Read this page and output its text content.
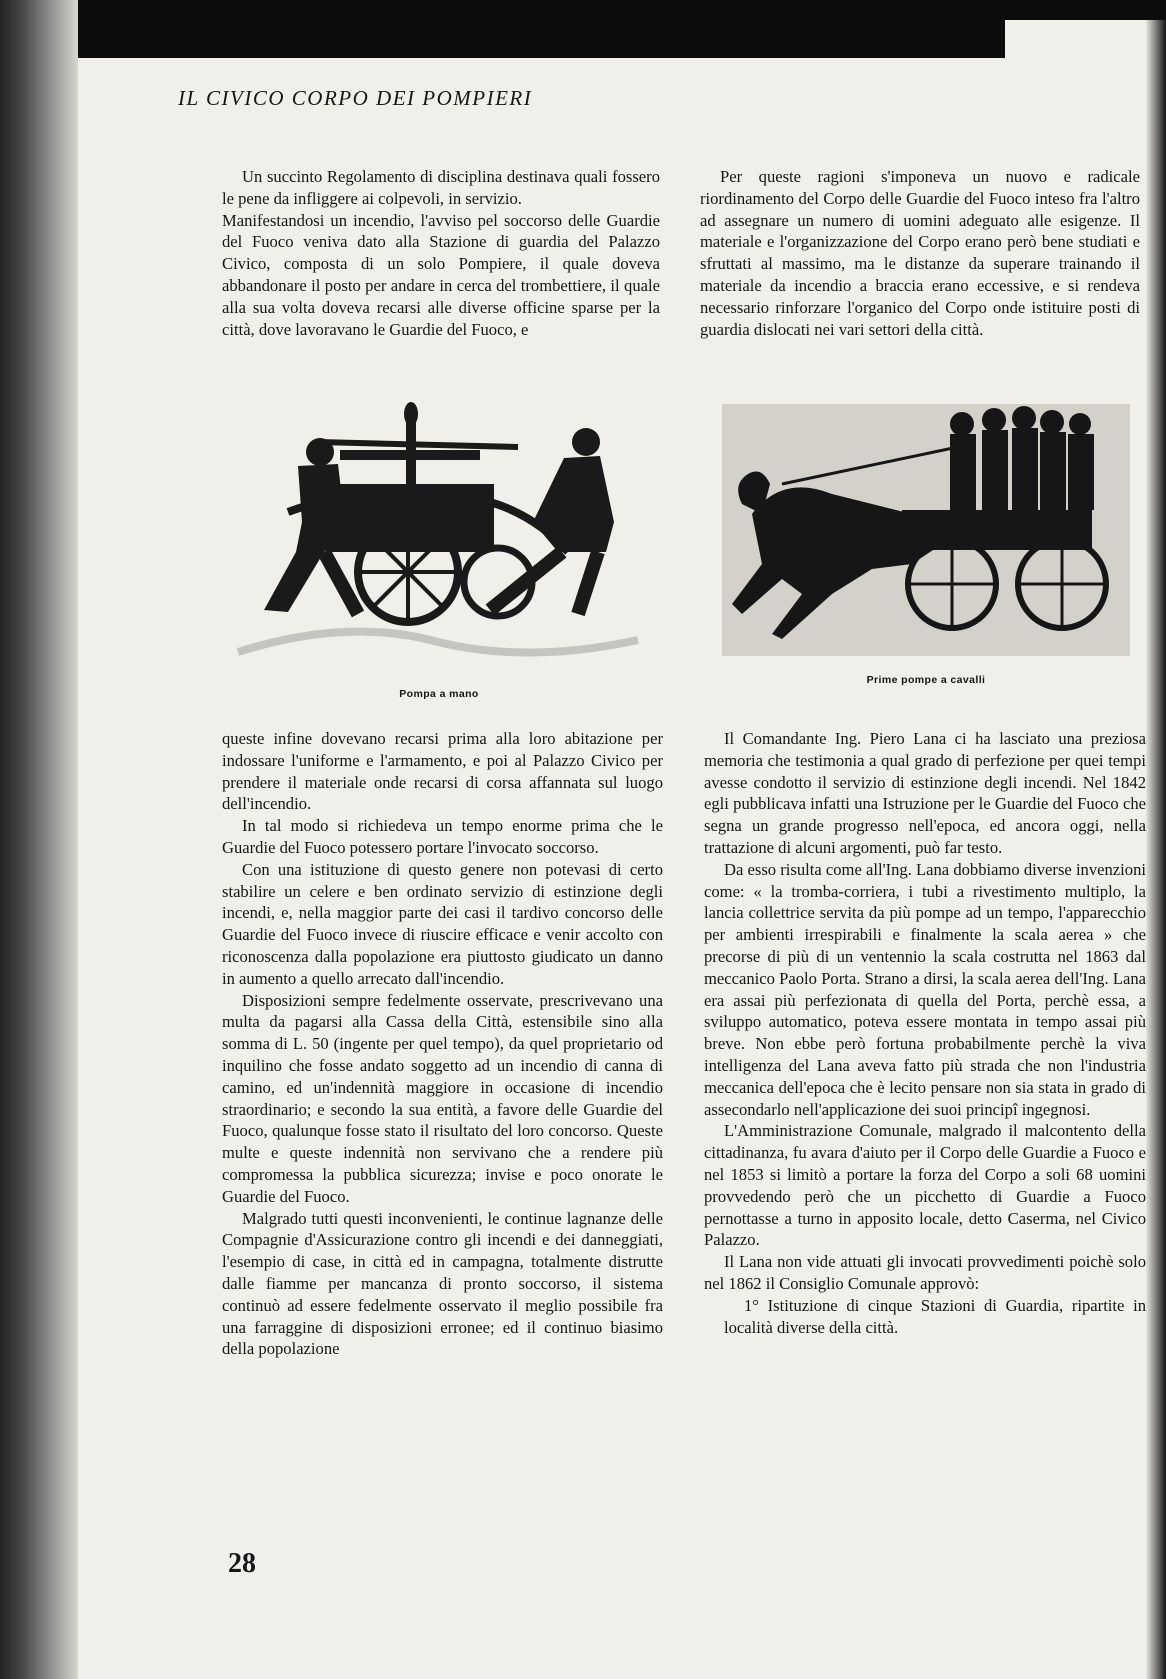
IL CIVICO CORPO DEI POMPIERI

Un succinto Regolamento di disciplina destinava quali fossero le pene da infliggere ai colpevoli, in servizio.

Manifestandosi un incendio, l'avviso pel soccorso delle Guardie del Fuoco veniva dato alla Stazione di guardia del Palazzo Civico, composta di un solo Pompiere, il quale doveva abbandonare il posto per andare in cerca del trombettiere, il quale alla sua volta doveva recarsi alle diverse officine sparse per la città, dove lavoravano le Guardie del Fuoco, e

Per queste ragioni s'imponeva un nuovo e radicale riordinamento del Corpo delle Guardie del Fuoco inteso fra l'altro ad assegnare un numero di uomini adeguato alle esigenze. Il materiale e l'organizzazione del Corpo erano però bene studiati e sfruttati al massimo, ma le distanze da superare trainando il materiale da incendio a braccia erano eccessive, e si rendeva necessario rinforzare l'organico del Corpo onde istituire posti di guardia dislocati nei vari settori della città.

Pompa a mano
Prime pompe a cavalli

queste infine dovevano recarsi prima alla loro abitazione per indossare l'uniforme e l'armamento, e poi al Palazzo Civico per prendere il materiale onde recarsi di corsa affannata sul luogo dell'incendio.

In tal modo si richiedeva un tempo enorme prima che le Guardie del Fuoco potessero portare l'invocato soccorso.

Con una istituzione di questo genere non potevasi di certo stabilire un celere e ben ordinato servizio di estinzione degli incendi, e, nella maggior parte dei casi il tardivo concorso delle Guardie del Fuoco invece di riuscire efficace e venir accolto con riconoscenza dalla popolazione era piuttosto giudicato un danno in aumento a quello arrecato dall'incendio.

Disposizioni sempre fedelmente osservate, prescrivevano una multa da pagarsi alla Cassa della Città, estensibile sino alla somma di L. 50 (ingente per quel tempo), da quel proprietario od inquilino che fosse andato soggetto ad un incendio di canna di camino, ed un'indennità maggiore in occasione di incendio straordinario; e secondo la sua entità, a favore delle Guardie del Fuoco, qualunque fosse stato il risultato del loro concorso. Queste multe e queste indennità non servivano che a rendere più compromessa la pubblica sicurezza; invise e poco onorate le Guardie del Fuoco.

Malgrado tutti questi inconvenienti, le continue lagnanze delle Compagnie d'Assicurazione contro gli incendi e dei danneggiati, l'esempio di case, in città ed in campagna, totalmente distrutte dalle fiamme per mancanza di pronto soccorso, il sistema continuò ad essere fedelmente osservato il meglio possibile fra una farraggine di disposizioni erronee; ed il continuo biasimo della popolazione

Il Comandante Ing. Piero Lana ci ha lasciato una preziosa memoria che testimonia a qual grado di perfezione per quei tempi avesse condotto il servizio di estinzione degli incendi. Nel 1842 egli pubblicava infatti una Istruzione per le Guardie del Fuoco che segna un grande progresso nell'epoca, ed ancora oggi, nella trattazione di alcuni argomenti, può far testo.

Da esso risulta come all'Ing. Lana dobbiamo diverse invenzioni come: « la tromba-corriera, i tubi a rivestimento multiplo, la lancia collettrice servita da più pompe ad un tempo, l'apparecchio per ambienti irrespirabili e finalmente la scala aerea » che precorse di più di un ventennio la scala costrutta nel 1863 dal meccanico Paolo Porta. Strano a dirsi, la scala aerea dell'Ing. Lana era assai più perfezionata di quella del Porta, perchè essa, a sviluppo automatico, poteva essere montata in tempo assai più breve. Non ebbe però fortuna probabilmente perchè la viva intelligenza del Lana aveva fatto più strada che non l'industria meccanica dell'epoca che è lecito pensare non sia stata in grado di assecondarlo nell'applicazione dei suoi principî ingegnosi.

L'Amministrazione Comunale, malgrado il malcontento della cittadinanza, fu avara d'aiuto per il Corpo delle Guardie a Fuoco e nel 1853 si limitò a portare la forza del Corpo a soli 68 uomini provvedendo però che un picchetto di Guardie a Fuoco pernottasse a turno in apposito locale, detto Caserma, nel Civico Palazzo.

Il Lana non vide attuati gli invocati provvedimenti poichè solo nel 1862 il Consiglio Comunale approvò:

1° Istituzione di cinque Stazioni di Guardia, ripartite in località diverse della città.

28
